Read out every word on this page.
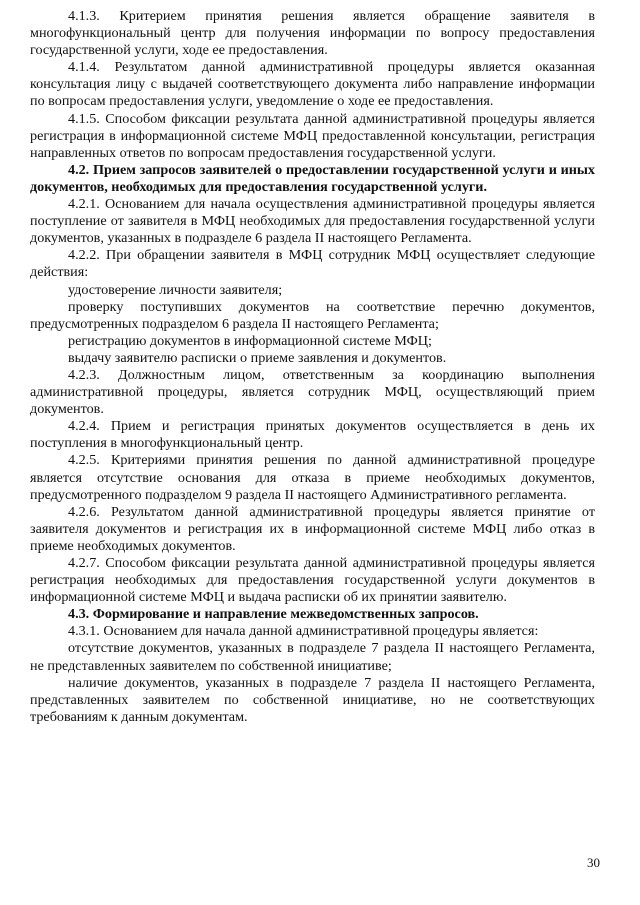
4.1.3. Критерием принятия решения является обращение заявителя в многофункциональный центр для получения информации по вопросу предоставления государственной услуги, ходе ее предоставления.

4.1.4. Результатом данной административной процедуры является оказанная консультация лицу с выдачей соответствующего документа либо направление информации по вопросам предоставления услуги, уведомление о ходе ее предоставления.

4.1.5. Способом фиксации результата данной административной процедуры является регистрация в информационной системе МФЦ предоставленной консультации, регистрация направленных ответов по вопросам предоставления государственной услуги.

4.2. Прием запросов заявителей о предоставлении государственной услуги и иных документов, необходимых для предоставления государственной услуги.

4.2.1. Основанием для начала осуществления административной процедуры является поступление от заявителя в МФЦ необходимых для предоставления государственной услуги документов, указанных в подразделе 6 раздела II настоящего Регламента.

4.2.2. При обращении заявителя в МФЦ сотрудник МФЦ осуществляет следующие действия:

удостоверение личности заявителя;

проверку поступивших документов на соответствие перечню документов, предусмотренных подразделом 6 раздела II настоящего Регламента;

регистрацию документов в информационной системе МФЦ;

выдачу заявителю расписки о приеме заявления и документов.

4.2.3. Должностным лицом, ответственным за координацию выполнения административной процедуры, является сотрудник МФЦ, осуществляющий прием документов.

4.2.4. Прием и регистрация принятых документов осуществляется в день их поступления в многофункциональный центр.

4.2.5. Критериями принятия решения по данной административной процедуре является отсутствие основания для отказа в приеме необходимых документов, предусмотренного подразделом 9 раздела II настоящего Административного регламента.

4.2.6. Результатом данной административной процедуры является принятие от заявителя документов и регистрация их в информационной системе МФЦ либо отказ в приеме необходимых документов.

4.2.7. Способом фиксации результата данной административной процедуры является регистрация необходимых для предоставления государственной услуги документов в информационной системе МФЦ и выдача расписки об их принятии заявителю.

4.3. Формирование и направление межведомственных запросов.

4.3.1. Основанием для начала данной административной процедуры является:

отсутствие документов, указанных в подразделе 7 раздела II настоящего Регламента, не представленных заявителем по собственной инициативе;

наличие документов, указанных в подразделе 7 раздела II настоящего Регламента, представленных заявителем по собственной инициативе, но не соответствующих требованиям к данным документам.

30
